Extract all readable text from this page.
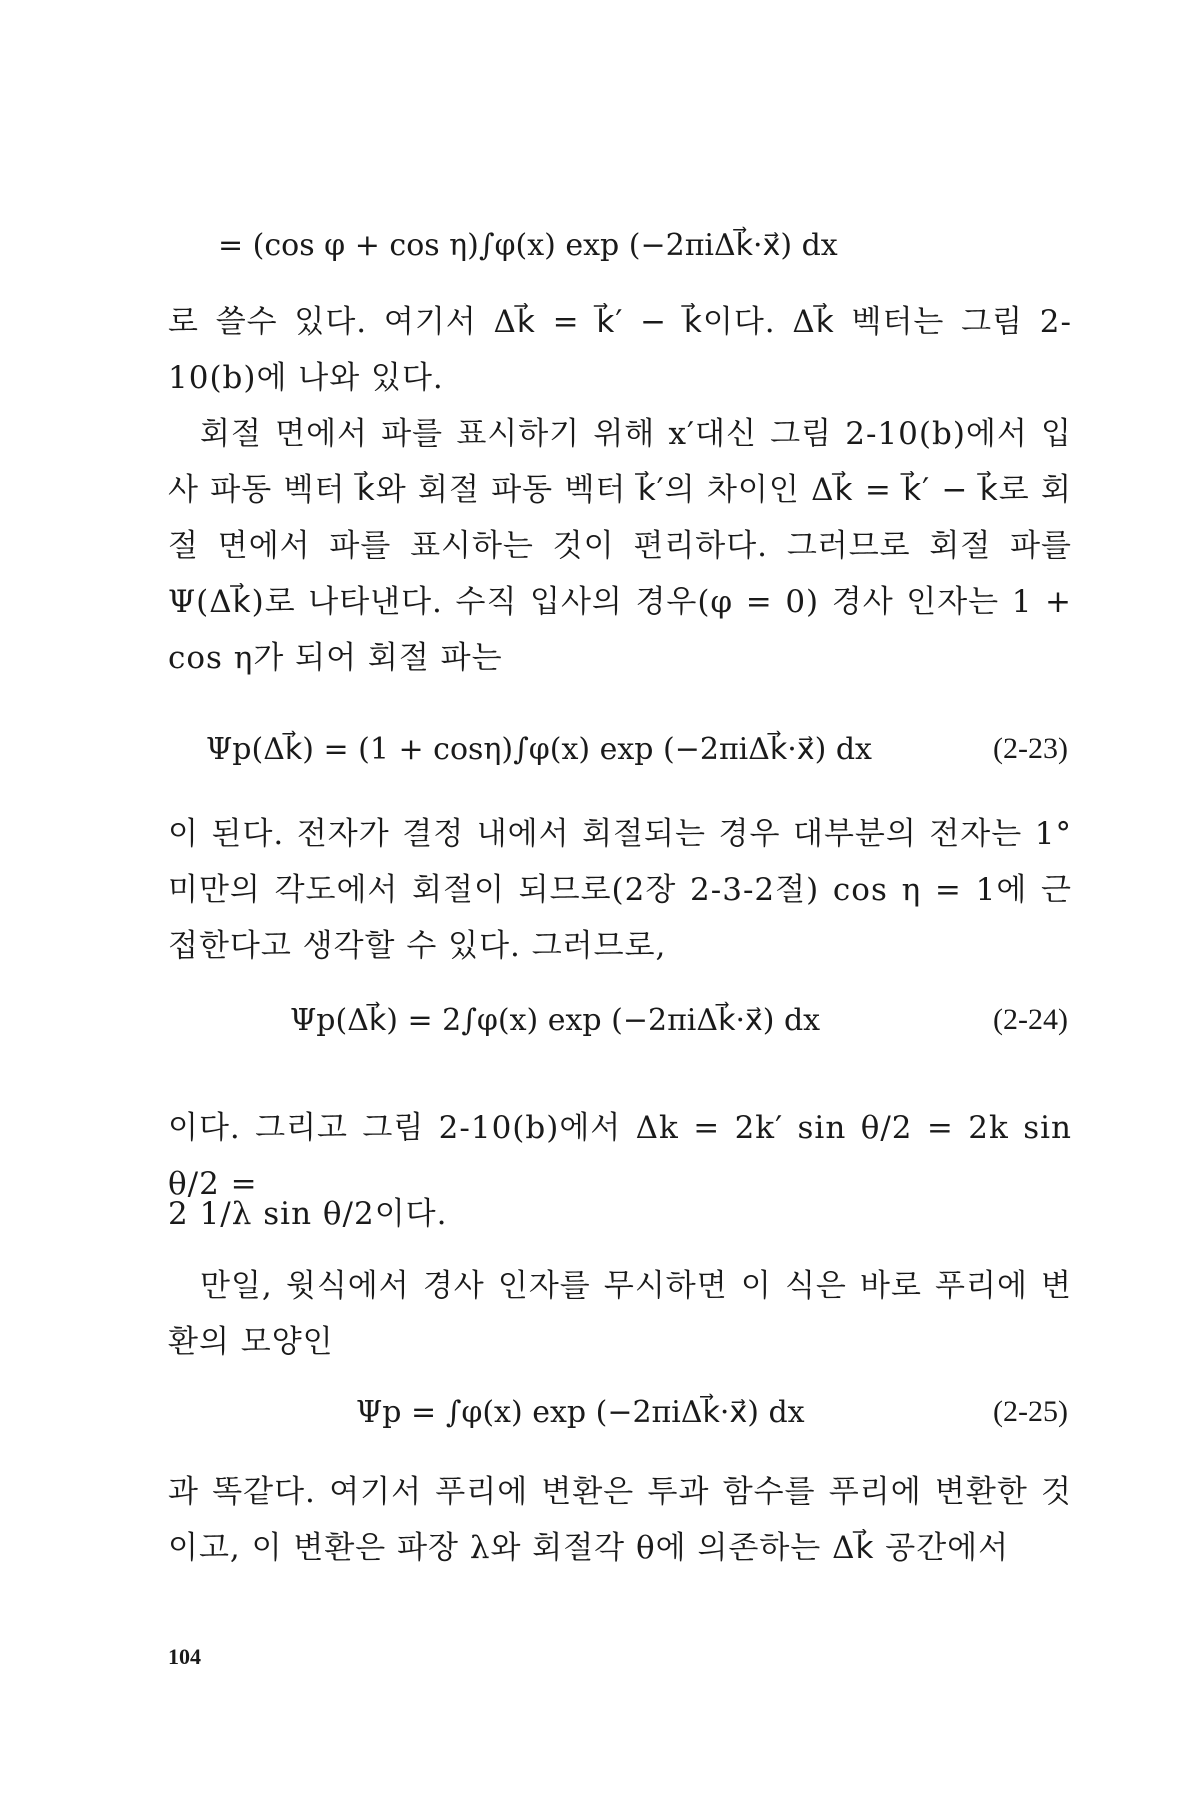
= (cos φ + cos η)∫φ(x) exp (−2πiΔk⃗·x⃗) dx

로 쓸수 있다. 여기서 Δk⃗ = k⃗′ − k⃗이다. Δk⃗ 벡터는 그림 2-10(b)에 나와 있다.

회절 면에서 파를 표시하기 위해 x′대신 그림 2-10(b)에서 입사 파동 벡터 k⃗와 회절 파동 벡터 k⃗′의 차이인 Δk⃗ = k⃗′ − k⃗로 회절 면에서 파를 표시하는 것이 편리하다. 그러므로 회절 파를 Ψ(Δk⃗)로 나타낸다. 수직 입사의 경우(φ = 0) 경사 인자는 1 + cos η가 되어 회절 파는

Ψp(Δk⃗) = (1 + cosη)∫φ(x) exp (−2πiΔk⃗·x⃗) dx	(2-23)

이 된다. 전자가 결정 내에서 회절되는 경우 대부분의 전자는 1° 미만의 각도에서 회절이 되므로(2장 2-3-2절) cos η = 1에 근접한다고 생각할 수 있다. 그러므로,

Ψp(Δk⃗) = 2∫φ(x) exp (−2πiΔk⃗·x⃗) dx	(2-24)

이다. 그리고 그림 2-10(b)에서 Δk = 2k′ sin θ/2 = 2k sin θ/2 =

2 1/λ sin θ/2이다.

만일, 윗식에서 경사 인자를 무시하면 이 식은 바로 푸리에 변환의 모양인

Ψp = ∫φ(x) exp (−2πiΔk⃗·x⃗) dx	(2-25)

과 똑같다. 여기서 푸리에 변환은 투과 함수를 푸리에 변환한 것이고, 이 변환은 파장 λ와 회절각 θ에 의존하는 Δk⃗ 공간에서

104
